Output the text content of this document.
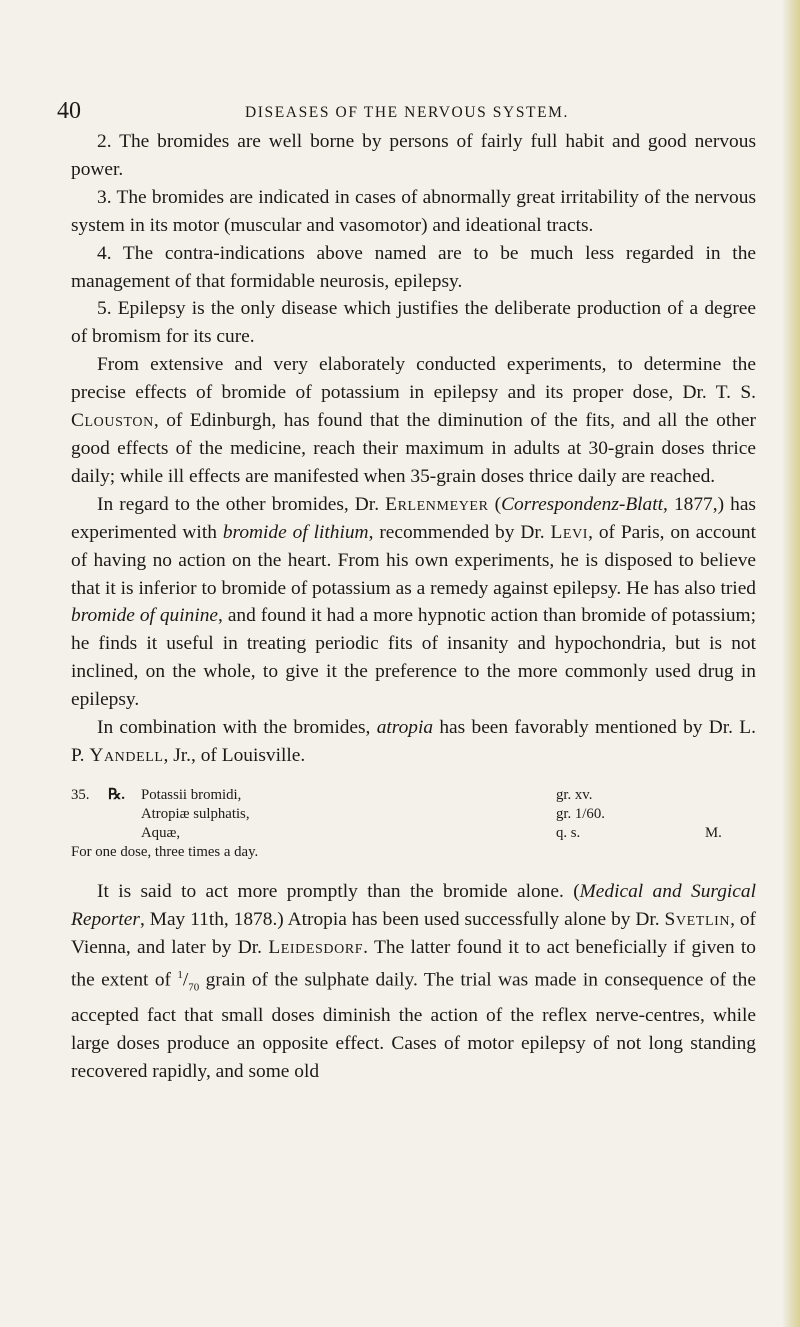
40	DISEASES OF THE NERVOUS SYSTEM.

2. The bromides are well borne by persons of fairly full habit and good nervous power.

3. The bromides are indicated in cases of abnormally great irritability of the nervous system in its motor (muscular and vasomotor) and ideational tracts.

4. The contra-indications above named are to be much less regarded in the management of that formidable neurosis, epilepsy.

5. Epilepsy is the only disease which justifies the deliberate production of a degree of bromism for its cure.

From extensive and very elaborately conducted experiments, to determine the precise effects of bromide of potassium in epilepsy and its proper dose, Dr. T. S. Clouston, of Edinburgh, has found that the diminution of the fits, and all the other good effects of the medicine, reach their maximum in adults at 30-grain doses thrice daily; while ill effects are manifested when 35-grain doses thrice daily are reached.

In regard to the other bromides, Dr. Erlenmeyer (Correspondenz-Blatt, 1877,) has experimented with bromide of lithium, recommended by Dr. Levi, of Paris, on account of having no action on the heart. From his own experiments, he is disposed to believe that it is inferior to bromide of potassium as a remedy against epilepsy. He has also tried bromide of quinine, and found it had a more hypnotic action than bromide of potassium; he finds it useful in treating periodic fits of insanity and hypochondria, but is not inclined, on the whole, to give it the preference to the more commonly used drug in epilepsy.

In combination with the bromides, atropia has been favorably mentioned by Dr. L. P. Yandell, Jr., of Louisville.

35. ℞. Potassii bromidi,	gr. xv.
Atropiæ sulphatis,	gr. 1/60.
Aquæ,	q. s.	M.
For one dose, three times a day.

It is said to act more promptly than the bromide alone. (Medical and Surgical Reporter, May 11th, 1878.) Atropia has been used successfully alone by Dr. Svetlin, of Vienna, and later by Dr. Leidesdorf. The latter found it to act beneficially if given to the extent of $^1/_{70}$ grain of the sulphate daily. The trial was made in consequence of the accepted fact that small doses diminish the action of the reflex nerve-centres, while large doses produce an opposite effect. Cases of motor epilepsy of not long standing recovered rapidly, and some old
